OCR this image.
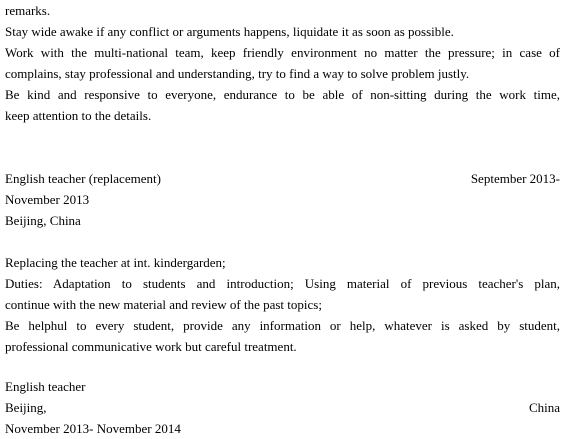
remarks.
Stay wide awake if any conflict or arguments happens, liquidate it as soon as possible.
Work with the multi-national team, keep friendly environment no matter the pressure; in case of
complains, stay professional and understanding, try to find a way to solve problem justly.
Be kind and responsive to everyone, endurance to be able of non-sitting during the work time,
keep attention to the details.
English teacher (replacement)	September 2013-
November 2013
Beijing, China
Replacing the teacher at int. kindergarden;
Duties: Adaptation to students and introduction; Using material of previous teacher's plan,
continue with the new material and review of the past topics;
Be helphul to every student, provide any information or help, whatever is asked by student,
professional communicative work but careful treatment.
English teacher
Beijing,	China
November 2013- November 2014
